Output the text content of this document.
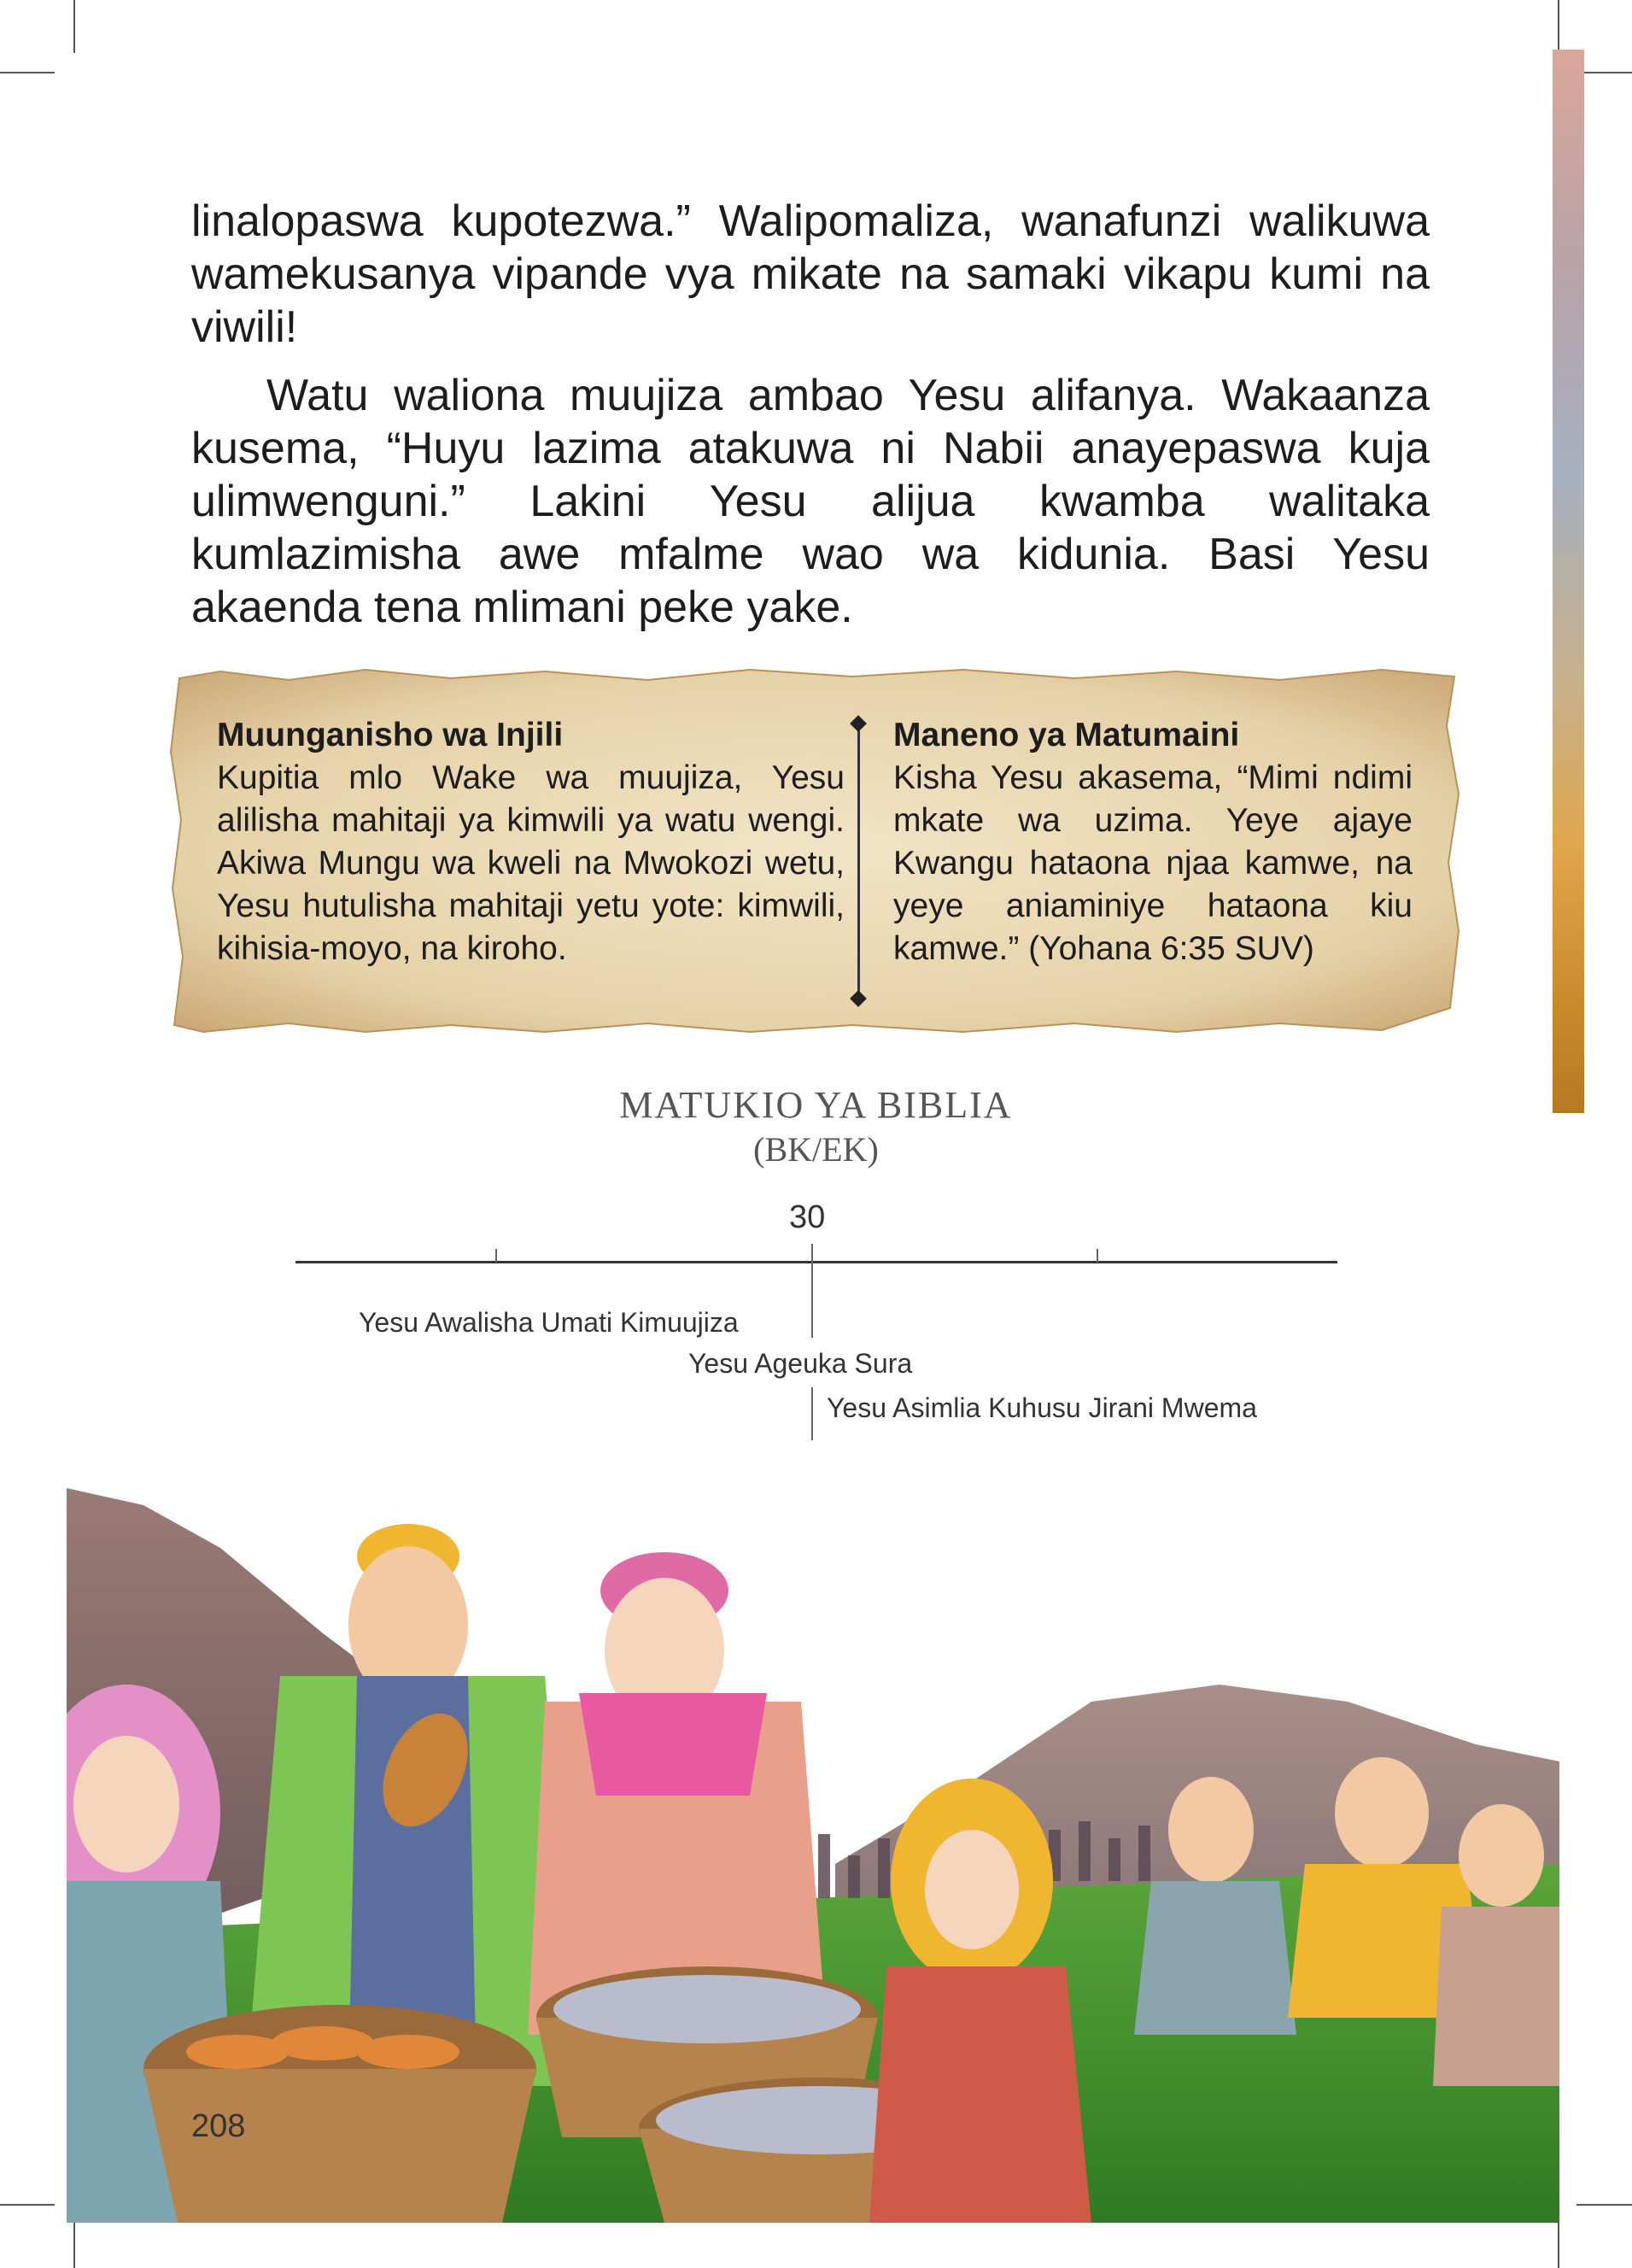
linalopaswa kupotezwa.” Walipomaliza, wanafunzi walikuwa wamekusanya vipande vya mikate na samaki vikapu kumi na viwili!
Watu waliona muujiza ambao Yesu alifanya. Wakaanza kusema, “Huyu lazima atakuwa ni Nabii anayepaswa kuja ulimwenguni.” Lakini Yesu alijua kwamba walitaka kumlazimisha awe mfalme wao wa kidunia. Basi Yesu akaenda tena mlimani peke yake.
Muunganisho wa Injili
Kupitia mlo Wake wa muujiza, Yesu alilisha mahitaji ya kimwili ya watu wengi. Akiwa Mungu wa kweli na Mwokozi wetu, Yesu hutulisha mahitaji yetu yote: kimwili, kihisia-moyo, na kiroho.
Maneno ya Matumaini
Kisha Yesu akasema, “Mimi ndimi mkate wa uzima. Yeye ajaye Kwangu hataona njaa kamwe, na yeye aniaminiye hataona kiu kamwe.” (Yohana 6:35 SUV)
MATUKIO YA BIBLIA
(BK/EK)
30
Yesu Awalisha Umati Kimuujiza
Yesu Ageuka Sura
Yesu Asimlia Kuhusu Jirani Mwema
208
